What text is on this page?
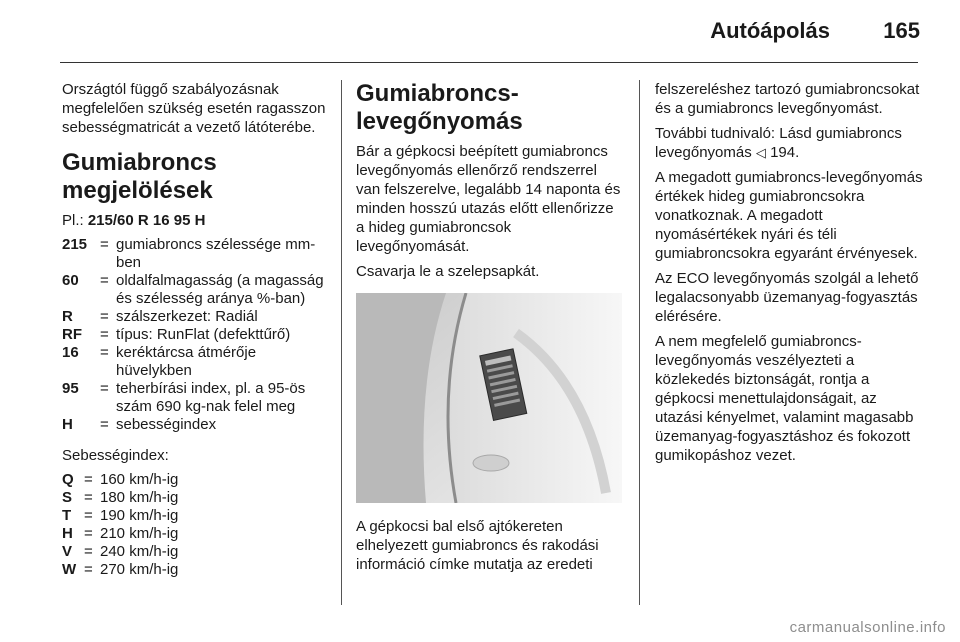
Autóápolás 165

Országtól függő szabályozásnak megfelelően szükség esetén ragasszon sebességmatricát a vezető látóterébe.

Gumiabroncs megjelölések

Pl.: 215/60 R 16 95 H

215	=	gumiabroncs szélessége mm-ben
60	=	oldalfalmagasság (a magasság és szélesség aránya %-ban)
R	=	szálszerkezet: Radiál
RF	=	típus: RunFlat (defekttűrő)
16	=	keréktárcsa átmérője hüvelykben
95	=	teherbírási index, pl. a 95-ös szám 690 kg-nak felel meg
H	=	sebességindex

Sebességindex:

Q	=	160 km/h-ig
S	=	180 km/h-ig
T	=	190 km/h-ig
H	=	210 km/h-ig
V	=	240 km/h-ig
W	=	270 km/h-ig
Gumiabroncs-levegőnyomás

Bár a gépkocsi beépített gumiabroncs levegőnyomás ellenőrző rendszerrel van felszerelve, legalább 14 naponta és minden hosszú utazás előtt ellenőrizze a hideg gumiabroncsok levegőnyomását.

Csavarja le a szelepsapkát.

A gépkocsi bal első ajtókereten elhelyezett gumiabroncs és rakodási információ címke mutatja az eredeti

felszereléshez tartozó gumiabroncsokat és a gumiabroncs levegőnyomást.

További tudnivaló: Lásd gumiabroncs levegőnyomás ◁ 194.

A megadott gumiabroncs-levegőnyomás értékek hideg gumiabroncsokra vonatkoznak. A megadott nyomásértékek nyári és téli gumiabroncsokra egyaránt érvényesek.

Az ECO levegőnyomás szolgál a lehető legalacsonyabb üzemanyag-fogyasztás elérésére.

A nem megfelelő gumiabroncs-levegőnyomás veszélyezteti a közlekedés biztonságát, rontja a gépkocsi menettulajdonságait, az utazási kényelmet, valamint magasabb üzemanyag-fogyasztáshoz és fokozott gumikopáshoz vezet.

carmanualsonline.info
